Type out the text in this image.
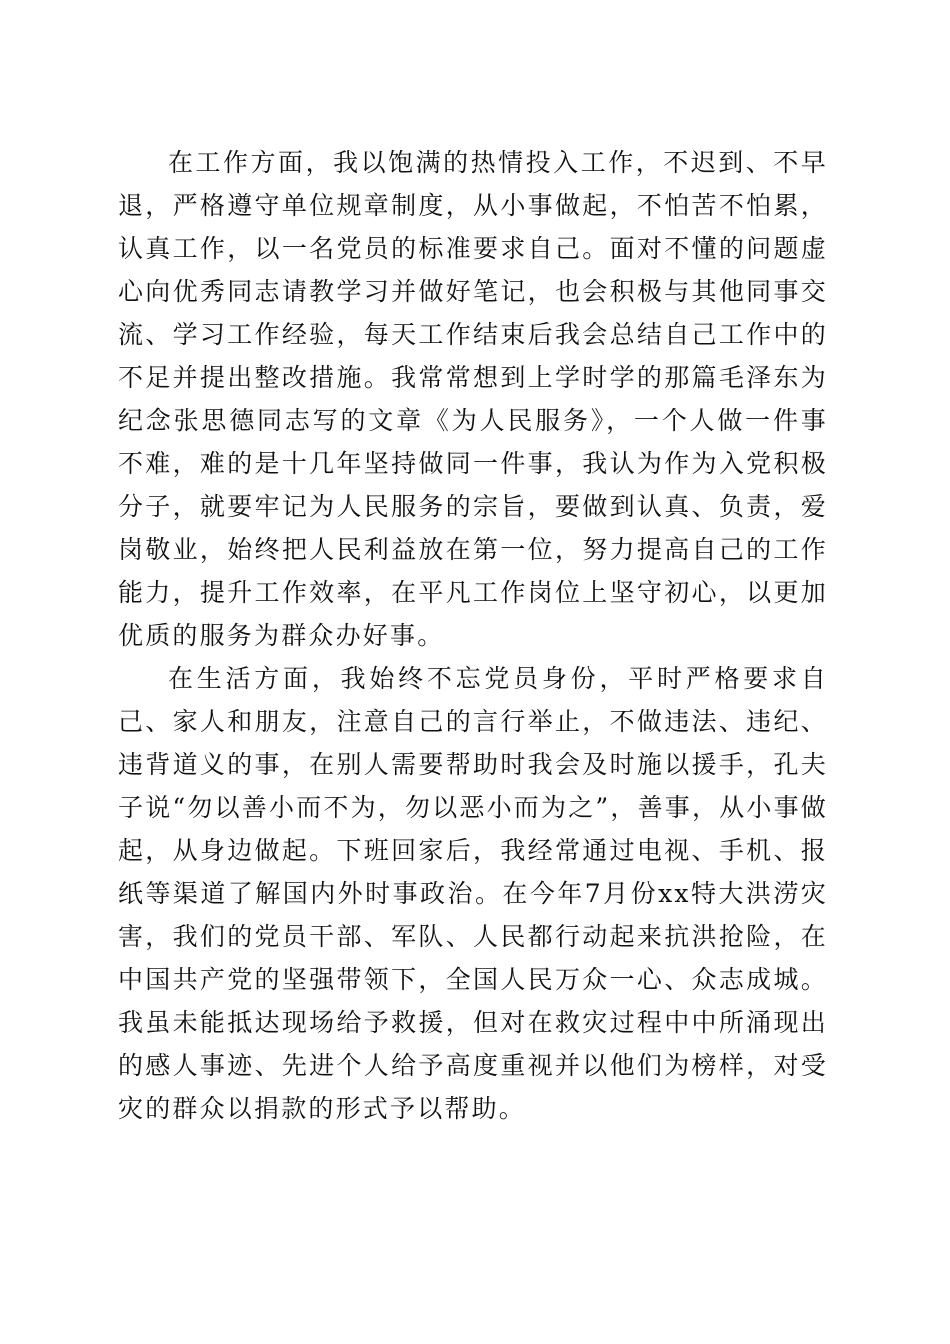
在工作方面，我以饱满的热情投入工作，不迟到、不早退，严格遵守单位规章制度，从小事做起，不怕苦不怕累，认真工作，以一名党员的标准要求自己。面对不懂的问题虚心向优秀同志请教学习并做好笔记，也会积极与其他同事交流、学习工作经验，每天工作结束后我会总结自己工作中的不足并提出整改措施。我常常想到上学时学的那篇毛泽东为纪念张思德同志写的文章《为人民服务》，一个人做一件事不难，难的是十几年坚持做同一件事，我认为作为入党积极分子，就要牢记为人民服务的宗旨，要做到认真、负责，爱岗敬业，始终把人民利益放在第一位，努力提高自己的工作能力，提升工作效率，在平凡工作岗位上坚守初心，以更加优质的服务为群众办好事。

在生活方面，我始终不忘党员身份，平时严格要求自己、家人和朋友，注意自己的言行举止，不做违法、违纪、违背道义的事，在别人需要帮助时我会及时施以援手，孔夫子说“勿以善小而不为，勿以恶小而为之”，善事，从小事做起，从身边做起。下班回家后，我经常通过电视、手机、报纸等渠道了解国内外时事政治。在今年7月份xx特大洪涝灾害，我们的党员干部、军队、人民都行动起来抗洪抢险，在中国共产党的坚强带领下，全国人民万众一心、众志成城。我虽未能抵达现场给予救援，但对在救灾过程中中所涌现出的感人事迹、先进个人给予高度重视并以他们为榜样，对受灾的群众以捐款的形式予以帮助。
